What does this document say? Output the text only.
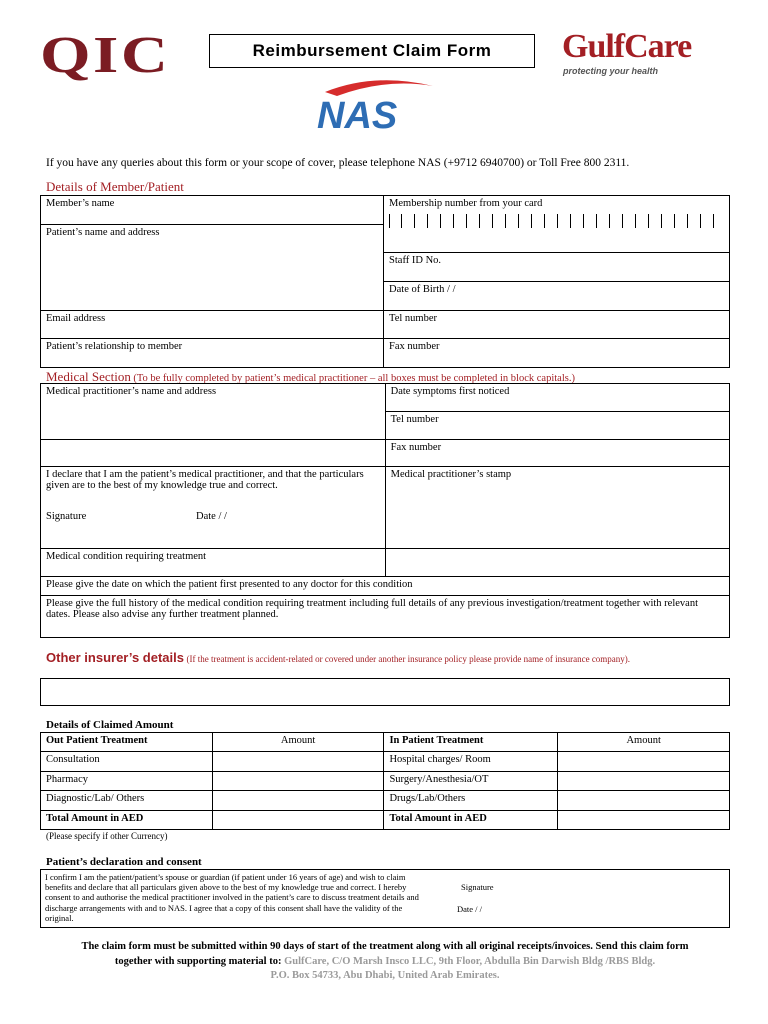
QIC	Reimbursement Claim Form
NAS
GulfCare
protecting your health
If you have any queries about this form or your scope of cover, please telephone NAS (+9712 6940700) or Toll Free 800 2311.
Details of Member/Patient
Member’s name	Membership number from your card

Patient’s name and address	
	Staff ID No.
	Date of Birth / /
Email address	Tel number
Patient’s relationship to member	Fax number
Medical Section (To be fully completed by patient’s medical practitioner – all boxes must be completed in block capitals.)
Medical practitioner’s name and address	Date symptoms first noticed
	Tel number
	Fax number

I declare that I am the patient’s medical practitioner, and that the particulars given are to the best of my knowledge true and correct.
Signature Date / /	Medical practitioner’s stamp
Medical condition requiring treatment	
Please give the date on which the patient first presented to any doctor for this condition	
Please give the full history of the medical condition requiring treatment including full details of any previous investigation/treatment together with relevant dates. Please also advise any further treatment planned.	
Other insurer’s details (If the treatment is accident-related or covered under another insurance policy please provide name of insurance company).
Details of Claimed Amount
Out Patient Treatment	Amount	In Patient Treatment	Amount
Consultation		Hospital charges/ Room	
Pharmacy		Surgery/Anesthesia/OT	
Diagnostic/Lab/ Others		Drugs/Lab/Others	
Total Amount in AED		Total Amount in AED	
(Please specify if other Currency)
Patient’s declaration and consent
I confirm I am the patient/patient’s spouse or guardian (if patient under 16 years of age) and wish to claim benefits and declare that all particulars given above to the best of my knowledge true and correct. I hereby consent to and authorise the medical practitioner involved in the patient’s care to discuss treatment details and discharge arrangements with and to NAS. I agree that a copy of this consent shall have the validity of the original.
Signature
Date / /
The claim form must be submitted within 90 days of start of the treatment along with all original receipts/invoices. Send this claim form
together with supporting material to: GulfCare, C/O Marsh Insco LLC, 9th Floor, Abdulla Bin Darwish Bldg /RBS Bldg.
P.O. Box 54733, Abu Dhabi, United Arab Emirates.
